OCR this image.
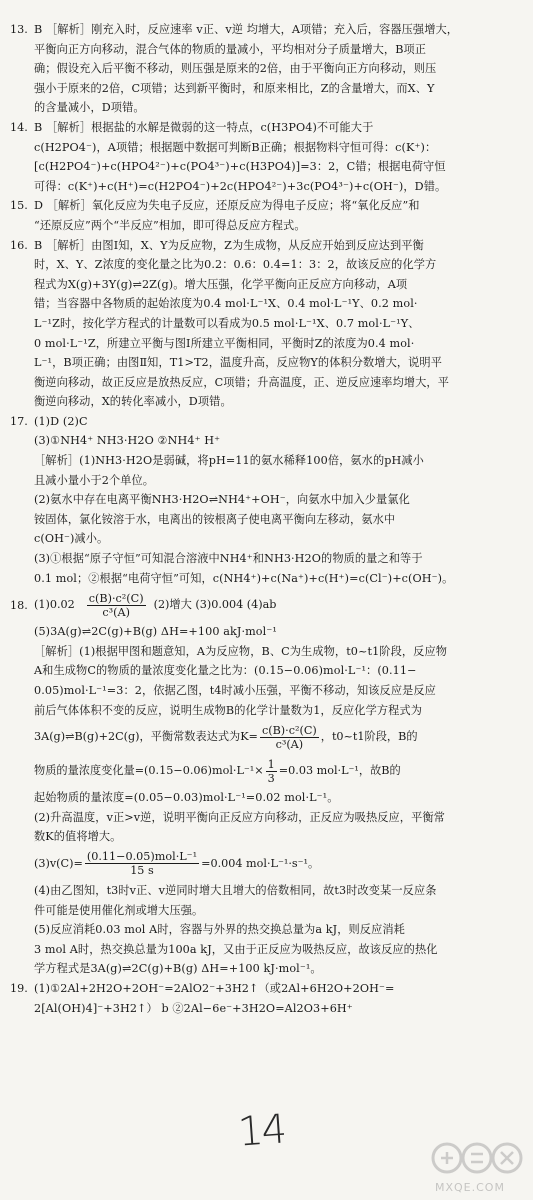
13. B ［解析］刚充入时，反应速率 v正、v逆 均增大，A项错；充入后，容器压强增大，
平衡向正方向移动，混合气体的物质的量减小，平均相对分子质量增大，B项正
确；假设充入后平衡不移动，则压强是原来的2倍，由于平衡向正方向移动，则压
强小于原来的2倍，C项错；达到新平衡时，和原来相比，Z的含量增大，而X、Y
的含量减小，D项错。
14. B ［解析］根据盐的水解是微弱的这一特点，c(H3PO4)不可能大于
c(H2PO4⁻)，A项错；根据题中数据可判断B正确；根据物料守恒可得：c(K⁺)：
[c(H2PO4⁻)+c(HPO4²⁻)+c(PO4³⁻)+c(H3PO4)]=3：2，C错；根据电荷守恒
可得：c(K⁺)+c(H⁺)=c(H2PO4⁻)+2c(HPO4²⁻)+3c(PO4³⁻)+c(OH⁻)，D错。
15. D ［解析］氧化反应为失电子反应，还原反应为得电子反应；将“氧化反应”和
“还原反应”两个“半反应”相加，即可得总反应方程式。
16. B ［解析］由图Ⅰ知，X、Y为反应物，Z为生成物，从反应开始到反应达到平衡
时，X、Y、Z浓度的变化量之比为0.2：0.6：0.4=1：3：2，故该反应的化学方
程式为X(g)+3Y(g)⇌2Z(g)。增大压强，化学平衡向正反应方向移动，A项
错；当容器中各物质的起始浓度为0.4 mol·L⁻¹X、0.4 mol·L⁻¹Y、0.2 mol·
L⁻¹Z时，按化学方程式的计量数可以看成为0.5 mol·L⁻¹X、0.7 mol·L⁻¹Y、
0 mol·L⁻¹Z，所建立平衡与图Ⅰ所建立平衡相同，平衡时Z的浓度为0.4 mol·
L⁻¹，B项正确；由图Ⅱ知，T1>T2，温度升高，反应物Y的体积分数增大，说明平
衡逆向移动，故正反应是放热反应，C项错；升高温度，正、逆反应速率均增大，平
衡逆向移动，X的转化率减小，D项错。
17. (1)D (2)C
(3)①NH4⁺ NH3·H2O ②NH4⁺ H⁺
［解析］(1)NH3·H2O是弱碱，将pH=11的氨水稀释100倍，氨水的pH减小
且减小量小于2个单位。
(2)氨水中存在电离平衡NH3·H2O⇌NH4⁺+OH⁻，向氨水中加入少量氯化
铵固体，氯化铵溶于水，电离出的铵根离子使电离平衡向左移动，氨水中
c(OH⁻)减小。
(3)①根据“原子守恒”可知混合溶液中NH4⁺和NH3·H2O的物质的量之和等于
0.1 mol；②根据“电荷守恒”可知，c(NH4⁺)+c(Na⁺)+c(H⁺)=c(Cl⁻)+c(OH⁻)。
18. $(1)0.02 \frac{\text{c(B)·c²(C)}}{\text{c³(A)}} (2)$增大 (3)0.004 (4)ab
(5)3A(g)⇌2C(g)+B(g) ΔH=+100 akJ·mol⁻¹
［解析］(1)根据甲图和题意知，A为反应物，B、C为生成物，t0~t1阶段，反应物
A和生成物C的物质的量浓度变化量之比为：(0.15−0.06)mol·L⁻¹：(0.11−
0.05)mol·L⁻¹=3：2，依据乙图，t4时减小压强，平衡不移动，知该反应是反应
前后气体体积不变的反应，说明生成物B的化学计量数为1，反应化学方程式为
3A(g)⇌B(g)+2C(g)，平衡常数表达式为$K= \frac{\text{c(B)·c²(C)}}{\text{c³(A)}}$ ，t0~t1阶段，B的
物质的量浓度变化量$=(0.15-0.06)mol\cdot L^{-1}\times \frac{1}{3} =0.03$ mol·L⁻¹，故B的
起始物质的量浓度=(0.05−0.03)mol·L⁻¹=0.02 mol·L⁻¹。
(2)升高温度，v正>v逆，说明平衡向正反应方向移动，正反应为吸热反应，平衡常
数K的值将增大。
$(3)v(C)= \frac{\text{(0.11−0.05)mol·L⁻¹}}{15 s} =0.004$ mol·L⁻¹·s⁻¹。
(4)由乙图知，t3时v正、v逆同时增大且增大的倍数相同，故t3时改变某一反应条
件可能是使用催化剂或增大压强。
(5)反应消耗0.03 mol A时，容器与外界的热交换总量为a kJ，则反应消耗
3 mol A时，热交换总量为100a kJ，又由于正反应为吸热反应，故该反应的热化
学方程式是3A(g)⇌2C(g)+B(g) ΔH=+100 kJ·mol⁻¹。
19. (1)①2Al+2H2O+2OH⁻=2AlO2⁻+3H2↑（或2Al+6H2O+2OH⁻=
2[Al(OH)4]⁻+3H2↑） b ②2Al−6e⁻+3H2O=Al2O3+6H⁺
14
MXQE.COM
